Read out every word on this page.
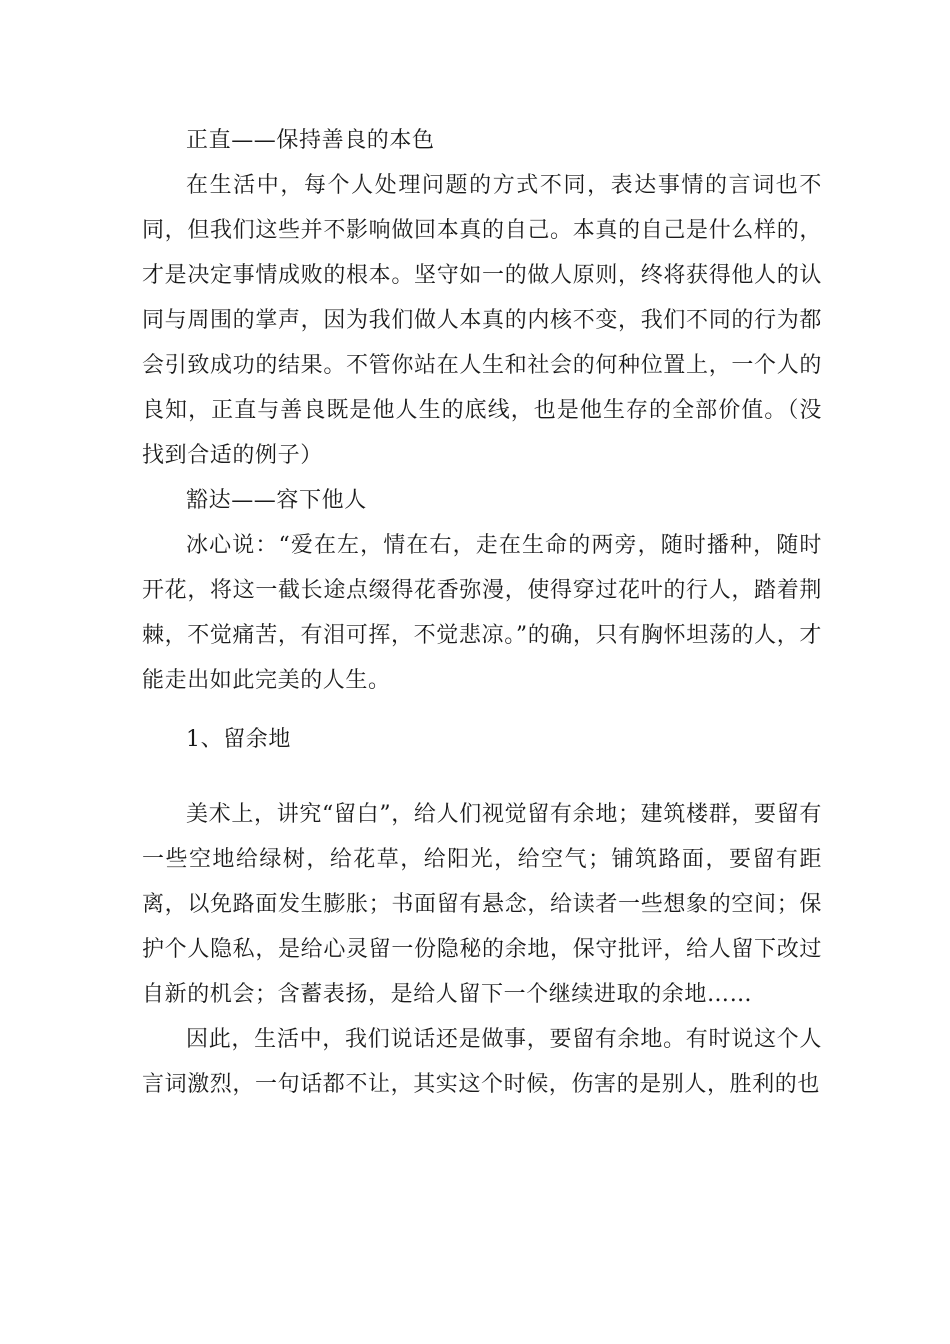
正直——保持善良的本色

在生活中，每个人处理问题的方式不同，表达事情的言词也不同，但我们这些并不影响做回本真的自己。本真的自己是什么样的，才是决定事情成败的根本。坚守如一的做人原则，终将获得他人的认同与周围的掌声，因为我们做人本真的内核不变，我们不同的行为都会引致成功的结果。不管你站在人生和社会的何种位置上，一个人的良知，正直与善良既是他人生的底线，也是他生存的全部价值。（没找到合适的例子）

豁达——容下他人

冰心说：“爱在左，情在右，走在生命的两旁，随时播种，随时开花，将这一截长途点缀得花香弥漫，使得穿过花叶的行人，踏着荆棘，不觉痛苦，有泪可挥，不觉悲凉。”的确，只有胸怀坦荡的人，才能走出如此完美的人生。

1、留余地

美术上，讲究“留白”，给人们视觉留有余地；建筑楼群，要留有一些空地给绿树，给花草，给阳光，给空气；铺筑路面，要留有距离，以免路面发生膨胀；书面留有悬念，给读者一些想象的空间；保护个人隐私，是给心灵留一份隐秘的余地，保守批评，给人留下改过自新的机会；含蓄表扬，是给人留下一个继续进取的余地……

因此，生活中，我们说话还是做事，要留有余地。有时说这个人言词激烈，一句话都不让，其实这个时候，伤害的是别人，胜利的也
